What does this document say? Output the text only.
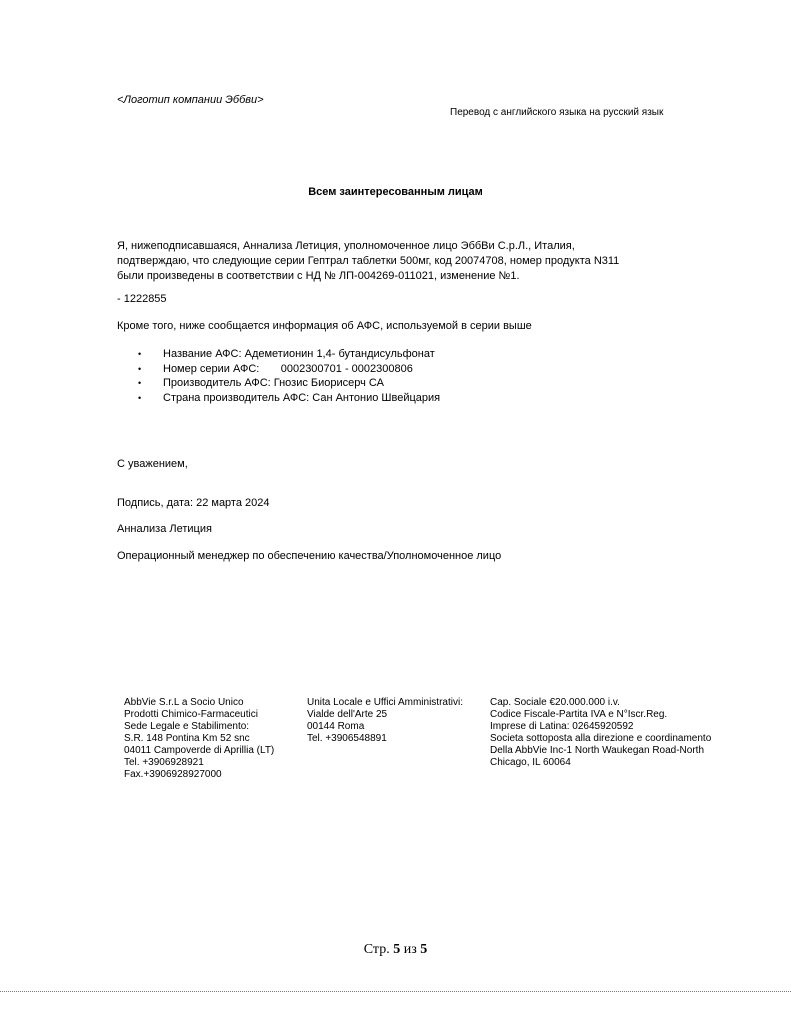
<Логотип компании Эббви>
Перевод с английского языка на русский язык
Всем заинтересованным лицам
Я, нижеподписавшаяся, Аннализа Летиция, уполномоченное лицо ЭббВи С.р.Л., Италия,
подтверждаю, что следующие серии Гептрал таблетки 500мг, код 20074708, номер продукта N311
были произведены в соответствии с НД № ЛП-004269-011021, изменение №1.
- 1222855
Кроме того, ниже сообщается информация об АФС, используемой в серии выше
• Название АФС: Адеметионин 1,4- бутандисульфонат
• Номер серии АФС:       0002300701 - 0002300806
• Производитель АФС: Гнозис Биорисерч СА
• Страна производитель АФС: Сан Антонио Швейцария
С уважением,
Подпись, дата: 22 марта 2024
Аннализа Летиция
Операционный менеджер по обеспечению качества/Уполномоченное лицо
AbbVie S.r.L a Socio Unico
Prodotti Chimico-Farmaceutici
Sede Legale e Stabilimento:
S.R. 148 Pontina Km 52 snc
04011 Campoverde di Aprillia (LT)
Tel. +3906928921
Fax.+3906928927000
Unita Locale e Uffici Amministrativi:
Vialde dell'Arte 25
00144 Roma
Tel. +3906548891
Cap. Sociale €20.000.000 i.v.
Codice Fiscale-Partita IVA e N°Iscr.Reg.
Imprese di Latina: 02645920592
Societa sottoposta alla direzione e coordinamento
Della AbbVie Inc-1 North Waukegan Road-North
Chicago, IL 60064
Стр. 5 из 5
